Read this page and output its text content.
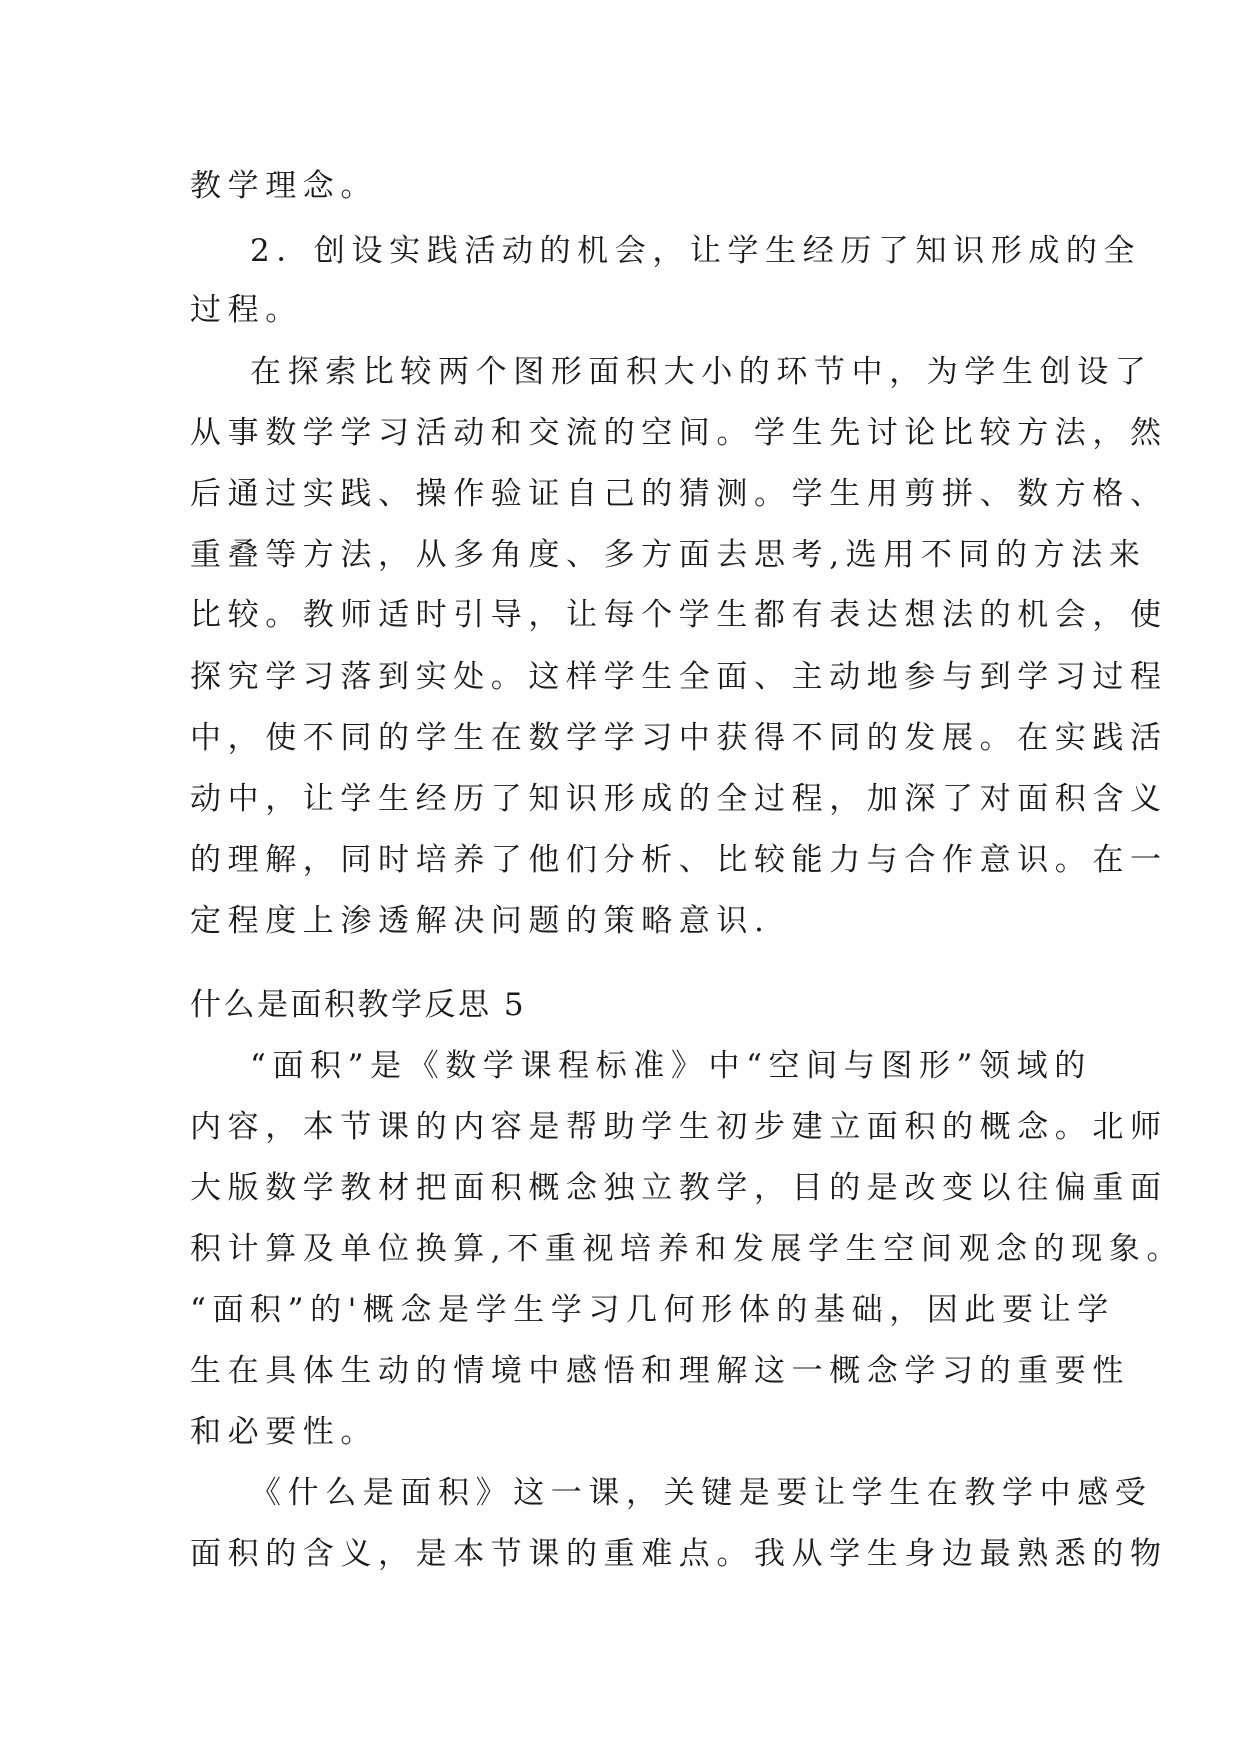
教学理念。
2．创设实践活动的机会，让学生经历了知识形成的全
过程。
在探索比较两个图形面积大小的环节中，为学生创设了
从事数学学习活动和交流的空间。学生先讨论比较方法，然
后通过实践、操作验证自己的猜测。学生用剪拼、数方格、
重叠等方法，从多角度、多方面去思考,选用不同的方法来
比较。教师适时引导，让每个学生都有表达想法的机会，使
探究学习落到实处。这样学生全面、主动地参与到学习过程
中，使不同的学生在数学学习中获得不同的发展。在实践活
动中，让学生经历了知识形成的全过程，加深了对面积含义
的理解，同时培养了他们分析、比较能力与合作意识。在一
定程度上渗透解决问题的策略意识.
什么是面积教学反思 5
“面积”是《数学课程标准》中“空间与图形”领域的
内容，本节课的内容是帮助学生初步建立面积的概念。北师
大版数学教材把面积概念独立教学，目的是改变以往偏重面
积计算及单位换算,不重视培养和发展学生空间观念的现象。
“面积”的'概念是学生学习几何形体的基础，因此要让学
生在具体生动的情境中感悟和理解这一概念学习的重要性
和必要性。
《什么是面积》这一课，关键是要让学生在教学中感受
面积的含义，是本节课的重难点。我从学生身边最熟悉的物
